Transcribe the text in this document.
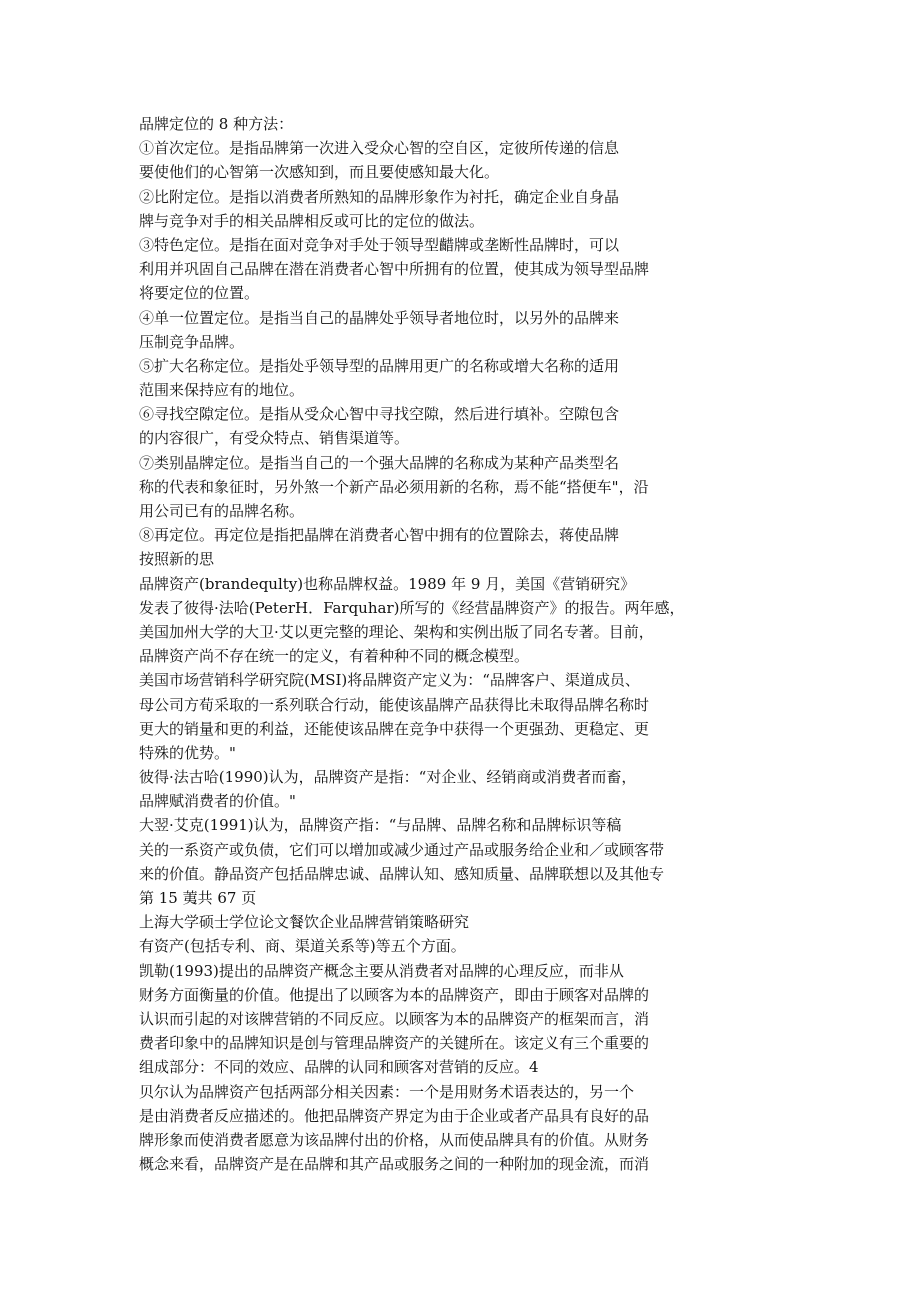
品牌定位的 8 种方法：
①首次定位。是指品牌第一次进入受众心智的空自区，定彼所传递的信息
要使他们的心智第一次感知到，而且要使感知最大化。
②比附定位。是指以消费者所熟知的品牌形象作为衬托，确定企业自身晶
牌与竞争对手的相关品牌相反或可比的定位的做法。
③特色定位。是指在面对竞争对手处于领导型齰牌或垄断性品牌时，可以
利用并巩固自己品牌在潜在消费者心智中所拥有的位置，使其成为领导型品牌
将要定位的位置。
④单一位置定位。是指当自己的晶牌处乎领导者地位时，以另外的品牌来
压制竞争品牌。
⑤扩大名称定位。是指处乎领导型的品牌用更广的名称或增大名称的适用
范围来保持应有的地位。
⑥寻找空隙定位。是指从受众心智中寻找空隙，然后进行填补。空隙包含
的内容很广，有受众特点、销售渠道等。
⑦类别晶牌定位。是指当自己的一个强大品牌的名称成为某种产品类型名
称的代表和象征时，另外煞一个新产品必须用新的名称，焉不能“搭便车"，沿
用公司已有的品牌名称。
⑧再定位。再定位是指把晶牌在消费者心智中拥有的位置除去，蒋使品牌
按照新的思
品牌资产(brandequlty)也称品牌权益。1989 年 9 月，美国《营销研究》
发表了彼得·法哈(PeterH．Farquhar)所写的《经营晶牌资产》的报告。两年感，
美国加州大学的大卫·艾以更完整的理论、架构和实例出版了同名专著。目前，
品牌资产尚不存在统一的定义，有着种种不同的概念模型。
美国市场营销科学研究院(MSI)将品牌资产定义为：“品牌客户、渠道成员、
母公司方荀采取的一系列联合行动，能使该晶牌产品获得比未取得品牌名称时
更大的销量和更的利益，还能使该品牌在竞争中获得一个更强劲、更稳定、更
特殊的优势。"
彼得·法古哈(1990)认为，品牌资产是指：“对企业、经销商或消费者而畜，
品牌赋消费者的价值。"
大翌·艾克(1991)认为，品牌资产指：“与品牌、品牌名称和品牌标识等稿
关的一系资产或负债，它们可以增加或减少通过产品或服务给企业和／或顾客带
来的价值。静品资产包括品牌忠诚、品牌认知、感知质量、品牌联想以及其他专
第 15 荑共 67 页
上海大学硕士学位论文餐饮企业品牌营销策略研究
有资产(包括专利、商、渠道关系等)等五个方面。
凯勒(1993)提出的品牌资产概念主要从消费者对品牌的心理反应，而非从
财务方面衡量的价值。他提出了以顾客为本的品牌资产，即由于顾客对品牌的
认识而引起的对该牌营销的不同反应。以顾客为本的品牌资产的框架而言，消
费者印象中的品牌知识是创与管理品牌资产的关键所在。该定义有三个重要的
组成部分：不同的效应、品牌的认同和顾客对营销的反应。4
贝尔认为品牌资产包括两部分相关因素：一个是用财务术语表达的，另一个
是由消费者反应描述的。他把品牌资产界定为由于企业或者产品具有良好的品
牌形象而使消费者愿意为该品牌付出的价格，从而使品牌具有的价值。从财务
概念来看，品牌资产是在品牌和其产品或服务之间的一种附加的现金流，而消
